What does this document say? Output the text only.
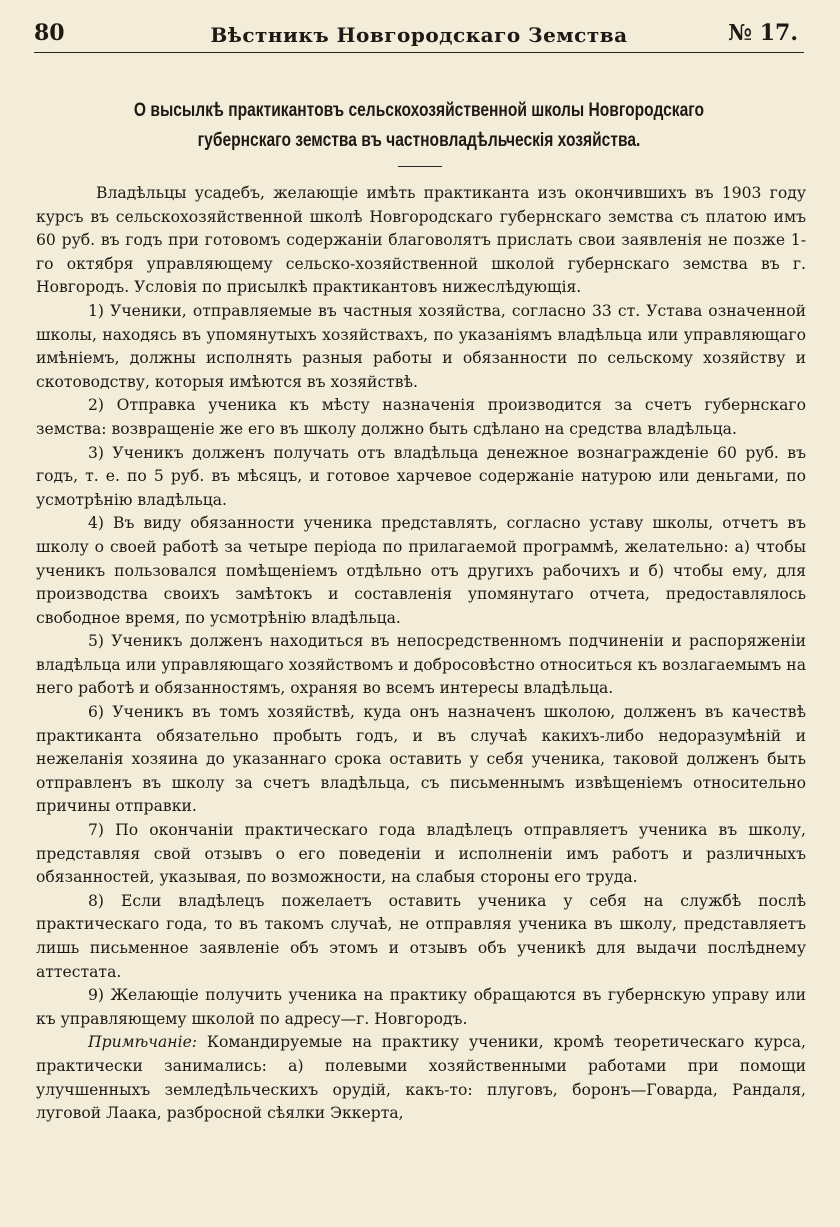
80	Вѣстникъ Новгородскаго Земства	№ 17.
О высылкѣ практикантовъ сельскохозяйственной школы Новгородскаго губернскаго земства въ частновладѣльческія хозяйства.

Владѣльцы усадебъ, желающіе имѣть практиканта изъ окончившихъ въ 1903 году курсъ въ сельскохозяйственной школѣ Новгородскаго губернскаго земства съ платою имъ 60 руб. въ годъ при готовомъ содержаніи благоволятъ прислать свои заявленія не позже 1-го октября управляющему сельско-хозяйственной школой губернскаго земства въ г. Новгородъ. Условія по присылкѣ практикантовъ нижеслѣдующія.

1) Ученики, отправляемые въ частныя хозяйства, согласно 33 ст. Устава означенной школы, находясь въ упомянутыхъ хозяйствахъ, по указаніямъ владѣльца или управляющаго имѣніемъ, должны исполнять разныя работы и обязанности по сельскому хозяйству и скотоводству, которыя имѣются въ хозяйствѣ.

2) Отправка ученика къ мѣсту назначенія производится за счетъ губернскаго земства: возвращеніе же его въ школу должно быть сдѣлано на средства владѣльца.

3) Ученикъ долженъ получать отъ владѣльца денежное вознагражденіе 60 руб. въ годъ, т. е. по 5 руб. въ мѣсяцъ, и готовое харчевое содержаніе натурою или деньгами, по усмотрѣнію владѣльца.

4) Въ виду обязанности ученика представлять, согласно уставу школы, отчетъ въ школу о своей работѣ за четыре періода по прилагаемой программѣ, желательно: а) чтобы ученикъ пользовался помѣщеніемъ отдѣльно отъ другихъ рабочихъ и б) чтобы ему, для производства своихъ замѣтокъ и составленія упомянутаго отчета, предоставлялось свободное время, по усмотрѣнію владѣльца.

5) Ученикъ долженъ находиться въ непосредственномъ подчиненіи и распоряженіи владѣльца или управляющаго хозяйствомъ и добросовѣстно относиться къ возлагаемымъ на него работѣ и обязанностямъ, охраняя во всемъ интересы владѣльца.

6) Ученикъ въ томъ хозяйствѣ, куда онъ назначенъ школою, долженъ въ качествѣ практиканта обязательно пробыть годъ, и въ случаѣ какихъ-либо недоразумѣній и нежеланія хозяина до указаннаго срока оставить у себя ученика, таковой долженъ быть отправленъ въ школу за счетъ владѣльца, съ письменнымъ извѣщеніемъ относительно причины отправки.

7) По окончаніи практическаго года владѣлецъ отправляетъ ученика въ школу, представляя свой отзывъ о его поведеніи и исполненіи имъ работъ и различныхъ обязанностей, указывая, по возможности, на слабыя стороны его труда.

8) Если владѣлецъ пожелаетъ оставить ученика у себя на службѣ послѣ практическаго года, то въ такомъ случаѣ, не отправляя ученика въ школу, представляетъ лишь письменное заявленіе объ этомъ и отзывъ объ ученикѣ для выдачи послѣднему аттестата.

9) Желающіе получить ученика на практику обращаются въ губернскую управу или къ управляющему школой по адресу—г. Новгородъ.

Примѣчаніе: Командируемые на практику ученики, кромѣ теоретическаго курса, практически занимались: а) полевыми хозяйственными работами при помощи улучшенныхъ земледѣльческихъ орудій, какъ-то: плуговъ, боронъ—Говарда, Рандаля, луговой Лаака, разбросной сѣялки Эккерта,
